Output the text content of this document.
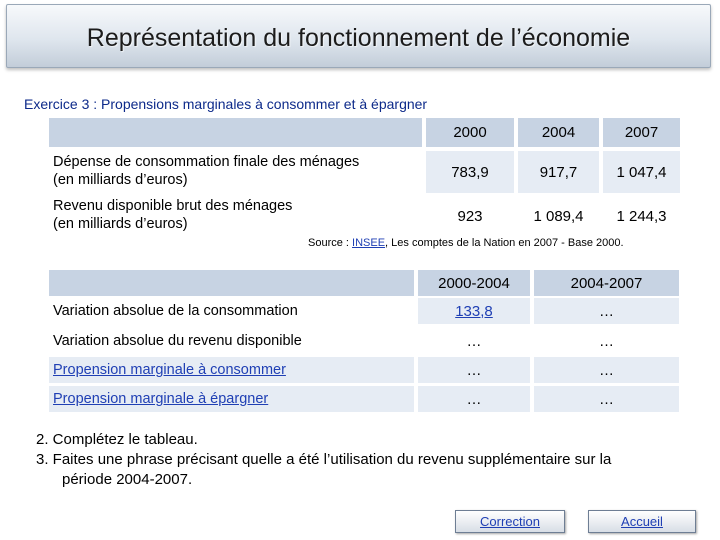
Représentation du fonctionnement de l’économie
Exercice 3 : Propensions marginales à consommer et à épargner
2000	2004	2007
Dépense de consommation finale des ménages
(en milliards d’euros)	783,9	917,7	1 047,4
Revenu disponible brut des ménages
(en milliards d’euros)	923	1 089,4	1 244,3
Source : INSEE, Les comptes de la Nation en 2007 - Base 2000.
2000-2004	2004-2007
Variation absolue de la consommation	133,8	…
Variation absolue du revenu disponible	…	…
Propension marginale à consommer	…	…
Propension marginale à épargner	…	…
2. Complétez le tableau.
3. Faites une phrase précisant quelle a été l’utilisation du revenu supplémentaire sur la
période 2004-2007.
Correction	Accueil
